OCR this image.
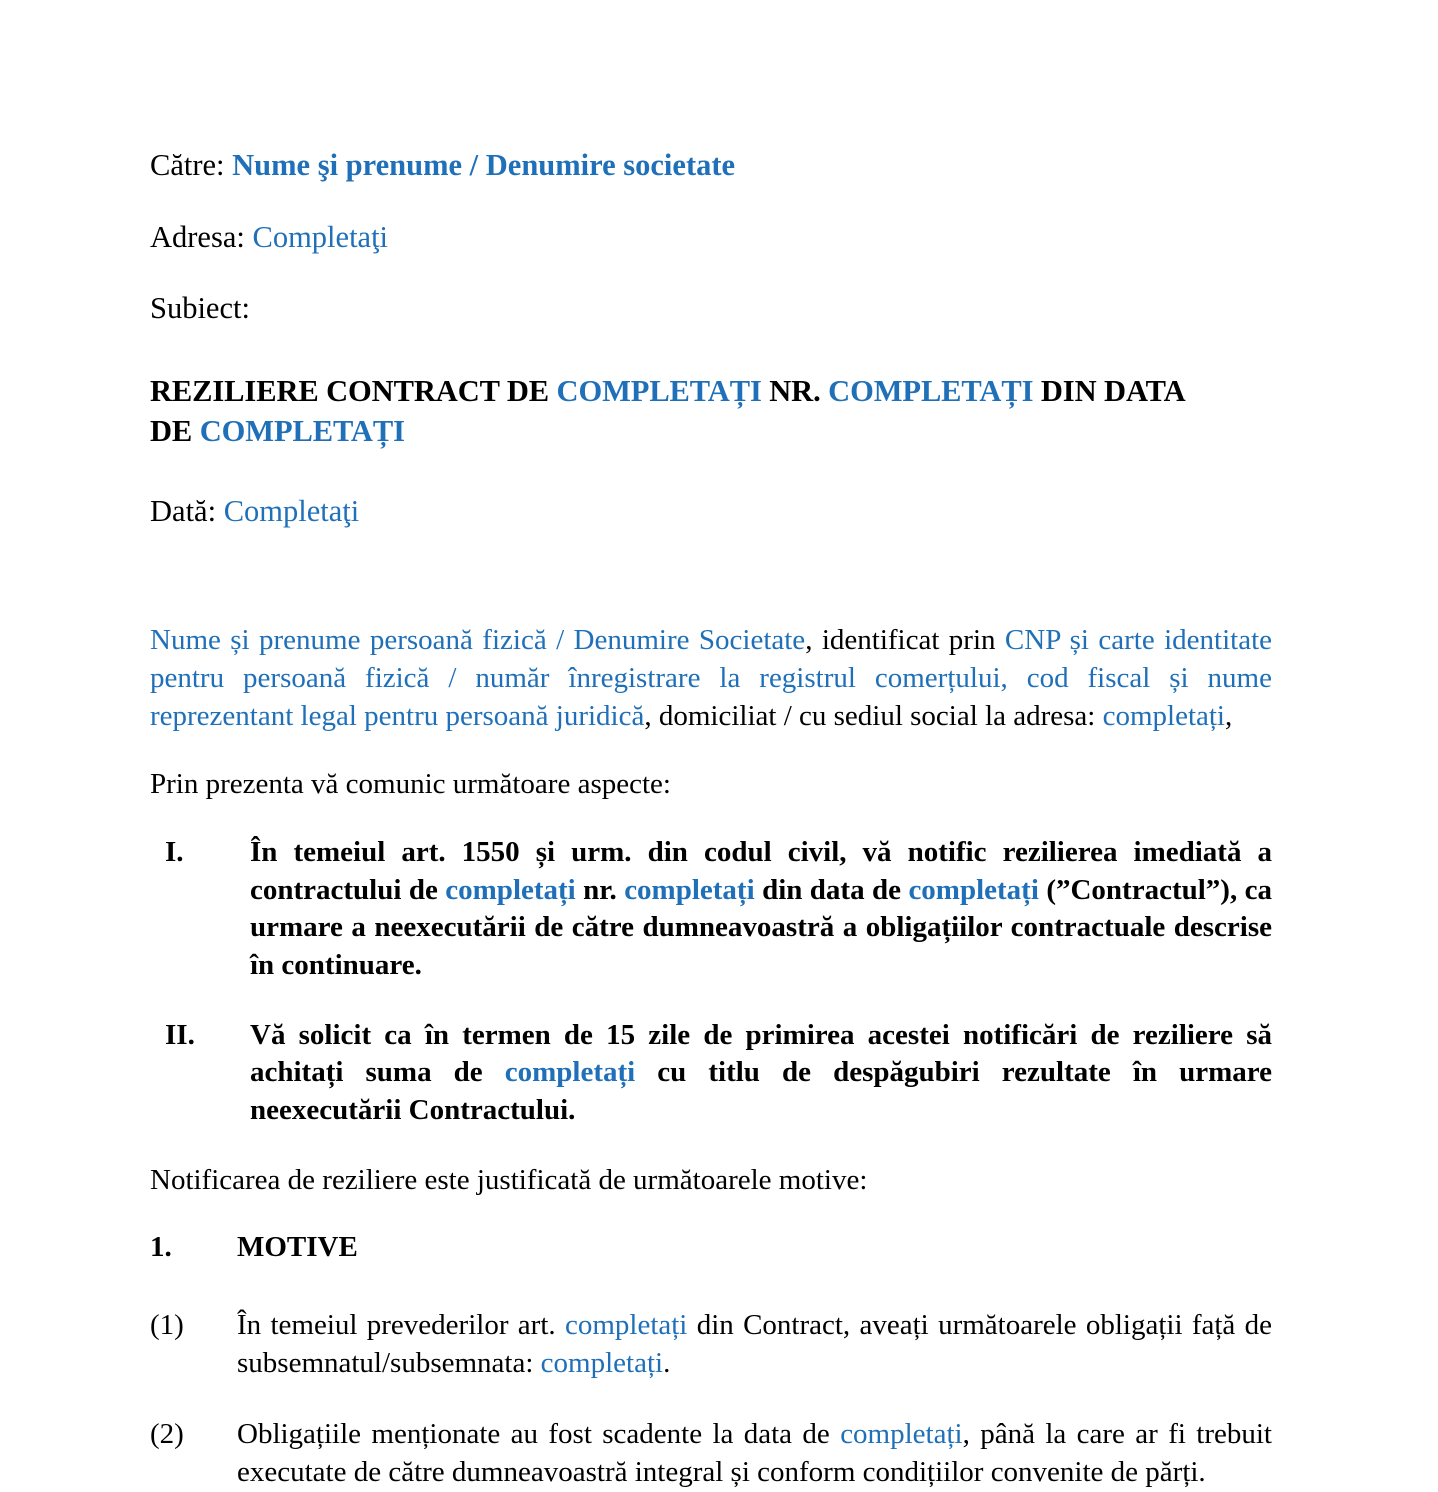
Către: Nume şi prenume / Denumire societate

Adresa: Completaţi

Subiect:

REZILIERE CONTRACT DE COMPLETAȚI NR. COMPLETAȚI DIN DATA DE COMPLETAȚI

Dată: Completaţi

Nume și prenume persoană fizică / Denumire Societate, identificat prin CNP și carte identitate pentru persoană fizică / număr înregistrare la registrul comerțului, cod fiscal și nume reprezentant legal pentru persoană juridică, domiciliat / cu sediul social la adresa: completați,

Prin prezenta vă comunic următoare aspecte:

I.	În temeiul art. 1550 și urm. din codul civil, vă notific rezilierea imediată a contractului de completați nr. completați din data de completați (”Contractul”), ca urmare a neexecutării de către dumneavoastră a obligațiilor contractuale descrise în continuare.
II.	Vă solicit ca în termen de 15 zile de primirea acestei notificări de reziliere să achitați suma de completați cu titlu de despăgubiri rezultate în urmare neexecutării Contractului.

Notificarea de reziliere este justificată de următoarele motive:

1.	MOTIVE
(1)	În temeiul prevederilor art. completați din Contract, aveați următoarele obligații față de subsemnatul/subsemnata: completați.
(2)	Obligațiile menționate au fost scadente la data de completați, până la care ar fi trebuit executate de către dumneavoastră integral și conform condițiilor convenite de părți.
